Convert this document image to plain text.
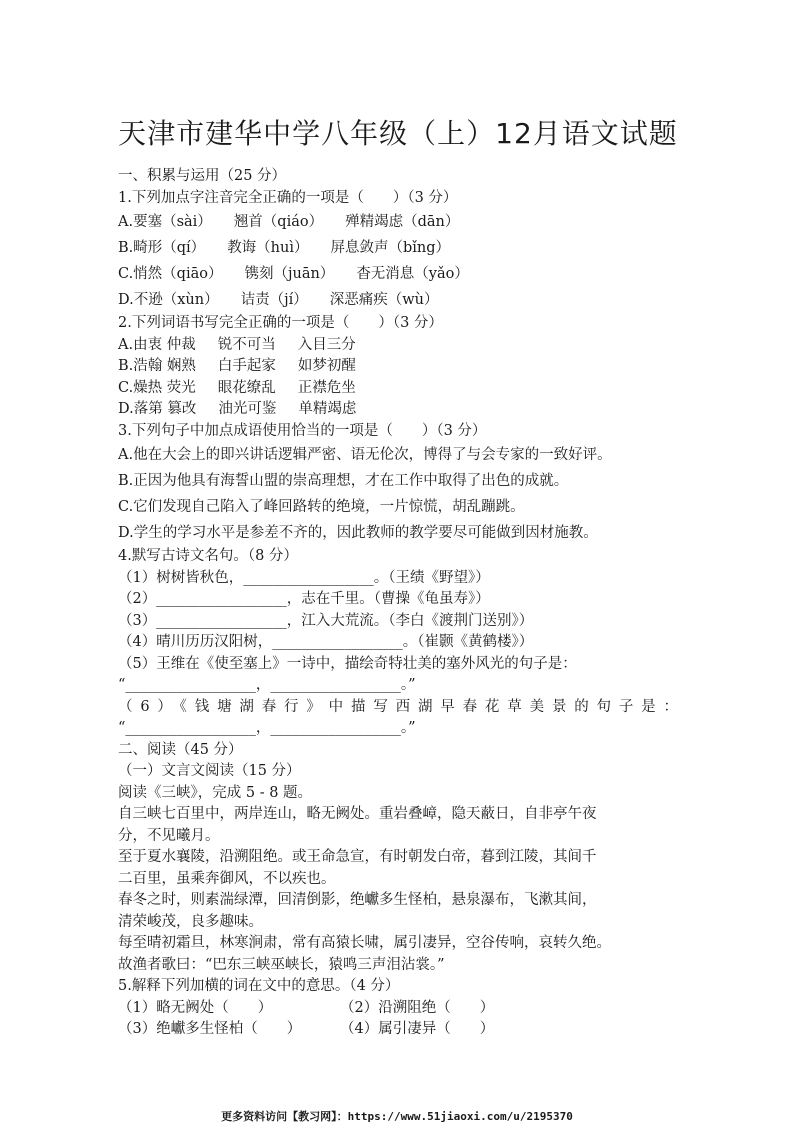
天津市建华中学八年级（上）12月语文试题
一、积累与运用（25 分）
1.下列加点字注音完全正确的一项是（　　）（3 分）
A.要塞（sài） 翘首（qiáo） 殚精竭虑（dān）
B.畸形（qí） 教诲（huì） 屏息敛声（bǐng）
C.悄然（qiāo） 镌刻（juān） 杳无消息（yǎo）
D.不逊（xùn） 诘责（jí） 深恶痛疾（wù）
2.下列词语书写完全正确的一项是（　　）（3 分）
A.由衷 仲裁 锐不可当 入目三分
B.浩翰 娴熟 白手起家 如梦初醒
C.燥热 荧光 眼花缭乱 正襟危坐
D.落第 篡改 油光可鉴 单精竭虑
3.下列句子中加点成语使用恰当的一项是（　　）（3 分）
A.他在大会上的即兴讲话逻辑严密、语无伦次，博得了与会专家的一致好评。
B.正因为他具有海誓山盟的崇高理想，才在工作中取得了出色的成就。
C.它们发现自己陷入了峰回路转的绝境，一片惊慌，胡乱蹦跳。
D.学生的学习水平是参差不齐的，因此教师的教学要尽可能做到因材施教。
4.默写古诗文名句。（8 分）
（1）树树皆秋色，__________________。（王绩《野望》）
（2）__________________，志在千里。（曹操《龟虽寿》）
（3）__________________，江入大荒流。（李白《渡荆门送别》）
（4）晴川历历汉阳树，__________________。（崔颢《黄鹤楼》）
（5）王维在《使至塞上》一诗中，描绘奇特壮美的塞外风光的句子是：
“__________________，__________________。”
（6）《钱塘湖春行》中描写西湖早春花草美景的句子是：
“__________________，__________________。”
二、阅读（45 分）
（一）文言文阅读（15 分）
阅读《三峡》，完成 5 - 8 题。
自三峡七百里中，两岸连山，略无阙处。重岩叠嶂，隐天蔽日，自非亭午夜
分，不见曦月。
至于夏水襄陵，沿溯阻绝。或王命急宣，有时朝发白帝，暮到江陵，其间千
二百里，虽乘奔御风，不以疾也。
春冬之时，则素湍绿潭，回清倒影，绝巘多生怪柏，悬泉瀑布，飞漱其间，
清荣峻茂，良多趣味。
每至晴初霜旦，林寒涧肃，常有高猿长啸，属引凄异，空谷传响，哀转久绝。
故渔者歌曰：“巴东三峡巫峡长，猿鸣三声泪沾裳。”
5.解释下列加横的词在文中的意思。（4 分）
（1）略无阙处（　　）	（2）沿溯阻绝（　　）
（3）绝巘多生怪柏（　　）	（4）属引凄异（　　）
更多资料访问【教习网】：https://www.51jiaoxi.com/u/2195370
